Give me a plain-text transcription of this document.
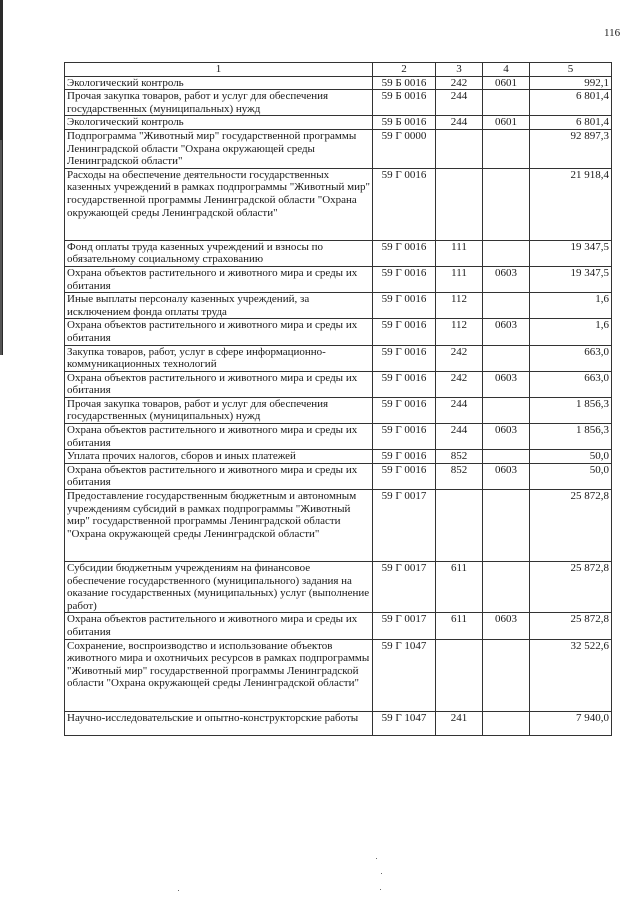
116
1	2	3	4	5
Экологический контроль	59 Б 0016	242	0601	992,1
Прочая закупка товаров, работ и услуг для обеспечения государственных (муниципальных) нужд	59 Б 0016	244		6 801,4
Экологический контроль	59 Б 0016	244	0601	6 801,4
Подпрограмма "Животный мир" государственной программы Ленинградской области "Охрана окружающей среды Ленинградской области"	59 Г 0000			92 897,3
Расходы на обеспечение деятельности государственных казенных учреждений в рамках подпрограммы "Животный мир" государственной программы Ленинградской области "Охрана окружающей среды Ленинградской области"	59 Г 0016			21 918,4
Фонд оплаты труда казенных учреждений и взносы по обязательному социальному страхованию	59 Г 0016	111		19 347,5
Охрана объектов растительного и животного мира и среды их обитания	59 Г 0016	111	0603	19 347,5
Иные выплаты персоналу казенных учреждений, за исключением фонда оплаты труда	59 Г 0016	112		1,6
Охрана объектов растительного и животного мира и среды их обитания	59 Г 0016	112	0603	1,6
Закупка товаров, работ, услуг в сфере информационно-коммуникационных технологий	59 Г 0016	242		663,0
Охрана объектов растительного и животного мира и среды их обитания	59 Г 0016	242	0603	663,0
Прочая закупка товаров, работ и услуг для обеспечения государственных (муниципальных) нужд	59 Г 0016	244		1 856,3
Охрана объектов растительного и животного мира и среды их обитания	59 Г 0016	244	0603	1 856,3
Уплата прочих налогов, сборов и иных платежей	59 Г 0016	852		50,0
Охрана объектов растительного и животного мира и среды их обитания	59 Г 0016	852	0603	50,0
Предоставление государственным бюджетным и автономным учреждениям субсидий в рамках подпрограммы "Животный мир" государственной программы Ленинградской области "Охрана окружающей среды Ленинградской области"	59 Г 0017			25 872,8
Субсидии бюджетным учреждениям на финансовое обеспечение государственного (муниципального) задания на оказание государственных (муниципальных) услуг (выполнение работ)	59 Г 0017	611		25 872,8
Охрана объектов растительного и животного мира и среды их обитания	59 Г 0017	611	0603	25 872,8
Сохранение, воспроизводство и использование объектов животного мира и охотничьих ресурсов в рамках подпрограммы "Животный мир" государственной программы Ленинградской области "Охрана окружающей среды Ленинградской области"	59 Г 1047			32 522,6
Научно-исследовательские и опытно-конструкторские работы	59 Г 1047	241		7 940,0
